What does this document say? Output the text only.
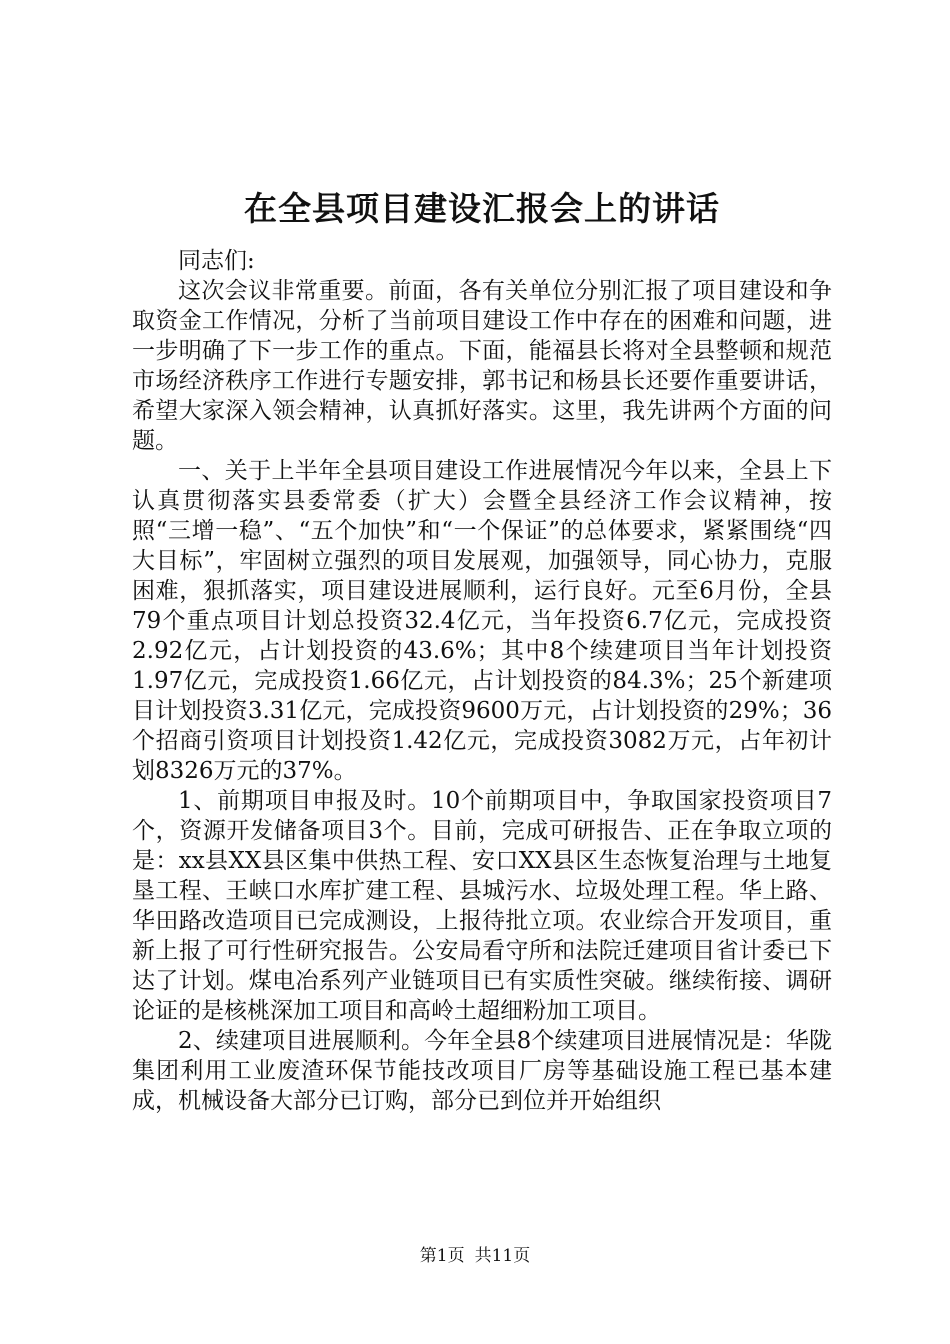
在全县项目建设汇报会上的讲话

同志们:

这次会议非常重要。前面，各有关单位分别汇报了项目建设和争取资金工作情况，分析了当前项目建设工作中存在的困难和问题，进一步明确了下一步工作的重点。下面，能福县长将对全县整顿和规范市场经济秩序工作进行专题安排，郭书记和杨县长还要作重要讲话，希望大家深入领会精神，认真抓好落实。这里，我先讲两个方面的问题。

一、关于上半年全县项目建设工作进展情况今年以来，全县上下认真贯彻落实县委常委（扩大）会暨全县经济工作会议精神，按照“三增一稳”、“五个加快”和“一个保证”的总体要求，紧紧围绕“四大目标”，牢固树立强烈的项目发展观，加强领导，同心协力，克服困难，狠抓落实，项目建设进展顺利，运行良好。元至6月份，全县79个重点项目计划总投资32.4亿元，当年投资6.7亿元，完成投资2.92亿元，占计划投资的43.6%；其中8个续建项目当年计划投资1.97亿元，完成投资1.66亿元，占计划投资的84.3%；25个新建项目计划投资3.31亿元，完成投资9600万元，占计划投资的29%；36个招商引资项目计划投资1.42亿元，完成投资3082万元，占年初计划8326万元的37%。

1、前期项目申报及时。10个前期项目中，争取国家投资项目7个，资源开发储备项目3个。目前，完成可研报告、正在争取立项的是：xx县XX县区集中供热工程、安口XX县区生态恢复治理与土地复垦工程、王峡口水库扩建工程、县城污水、垃圾处理工程。华上路、华田路改造项目已完成测设，上报待批立项。农业综合开发项目，重新上报了可行性研究报告。公安局看守所和法院迁建项目省计委已下达了计划。煤电冶系列产业链项目已有实质性突破。继续衔接、调研论证的是核桃深加工项目和高岭土超细粉加工项目。

2、续建项目进展顺利。今年全县8个续建项目进展情况是：华陇集团利用工业废渣环保节能技改项目厂房等基础设施工程已基本建成，机械设备大部分已订购，部分已到位并开始组织

第1页 共11页
